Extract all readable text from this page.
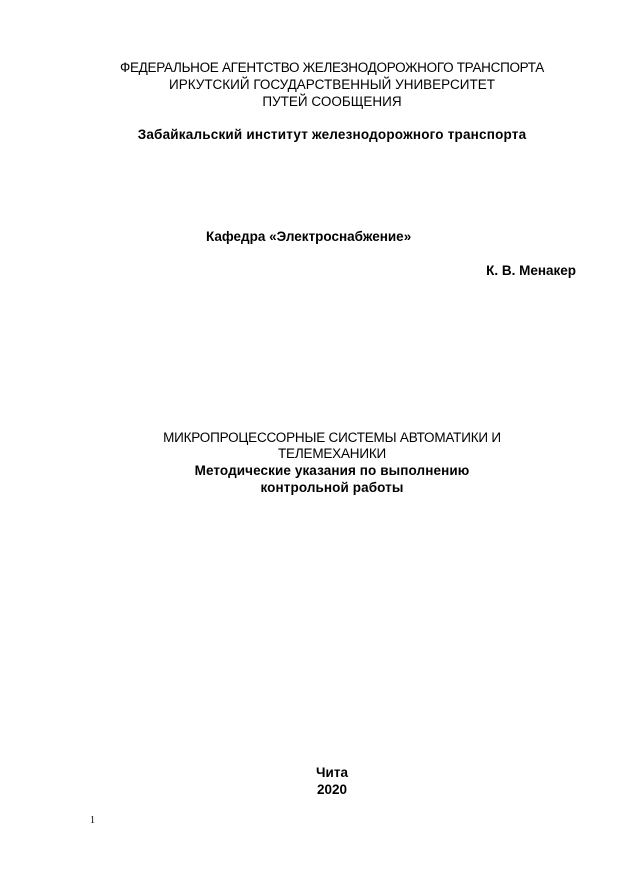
ФЕДЕРАЛЬНОЕ АГЕНТСТВО ЖЕЛЕЗНОДОРОЖНОГО ТРАНСПОРТА
ИРКУТСКИЙ ГОСУДАРСТВЕННЫЙ УНИВЕРСИТЕТ
ПУТЕЙ СООБЩЕНИЯ
Забайкальский институт железнодорожного транспорта
Кафедра «Электроснабжение»
К. В. Менакер
МИКРОПРОЦЕССОРНЫЕ СИСТЕМЫ АВТОМАТИКИ И
ТЕЛЕМЕХАНИКИ
Методические указания по выполнению
контрольной работы
Чита
2020
1
